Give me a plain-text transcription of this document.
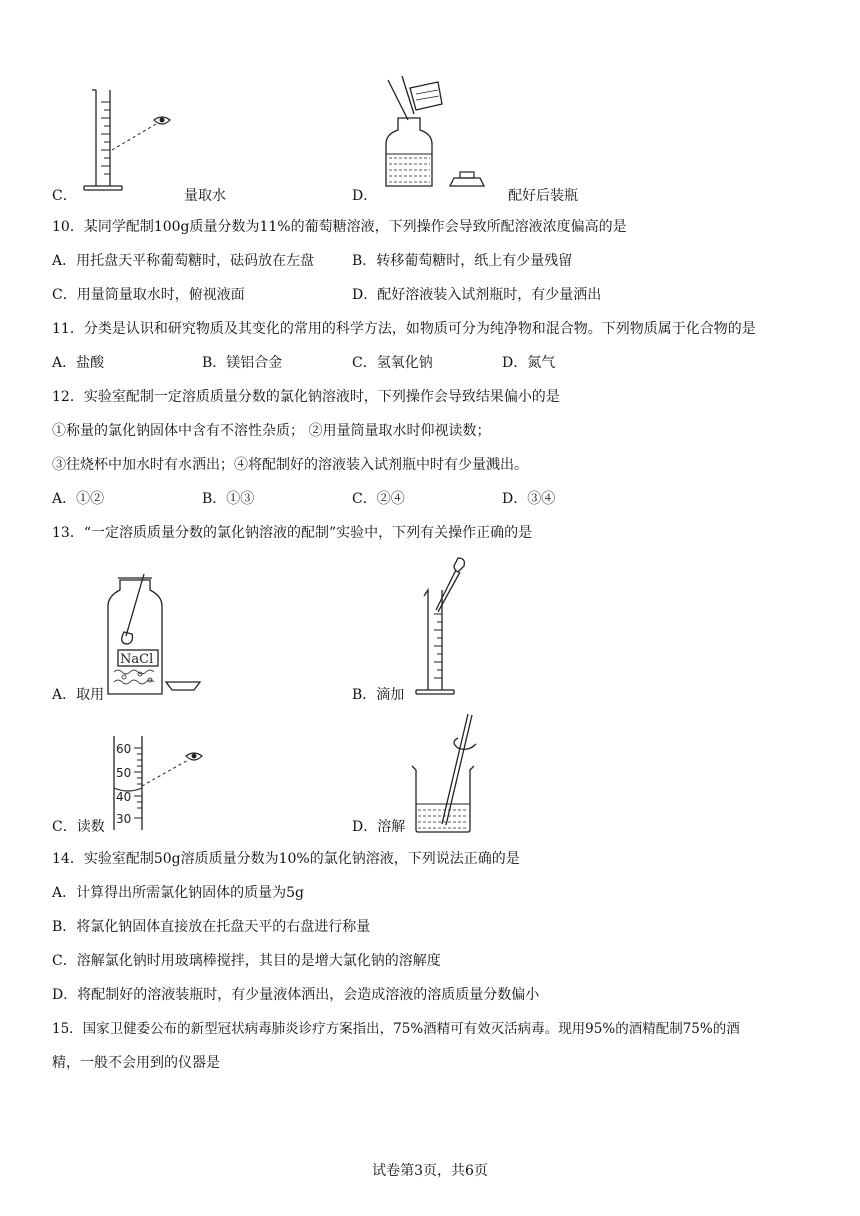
C．	量取水	D．	配好后装瓶
10．某同学配制100g质量分数为11%的葡萄糖溶液，下列操作会导致所配溶液浓度偏高的是
A．用托盘天平称葡萄糖时，砝码放在左盘	B．转移葡萄糖时，纸上有少量残留
C．用量筒量取水时，俯视液面	D．配好溶液装入试剂瓶时，有少量洒出
11．分类是认识和研究物质及其变化的常用的科学方法，如物质可分为纯净物和混合物。下列物质属于化合物的是
A．盐酸	B．镁铝合金	C．氢氧化钠	D．氮气
12．实验室配制一定溶质质量分数的氯化钠溶液时，下列操作会导致结果偏小的是
①称量的氯化钠固体中含有不溶性杂质； ②用量筒量取水时仰视读数；
③往烧杯中加水时有水洒出；④将配制好的溶液装入试剂瓶中时有少量溅出。
A．①②	B．①③	C．②④	D．③④
13．“一定溶质质量分数的氯化钠溶液的配制”实验中，下列有关操作正确的是
NaCl
A．取用	B．滴加
60
50
40
30
C．读数	D．溶解
14．实验室配制50g溶质质量分数为10%的氯化钠溶液，下列说法正确的是
A．计算得出所需氯化钠固体的质量为5g
B．将氯化钠固体直接放在托盘天平的右盘进行称量
C．溶解氯化钠时用玻璃棒搅拌，其目的是增大氯化钠的溶解度
D．将配制好的溶液装瓶时，有少量液体洒出，会造成溶液的溶质质量分数偏小
15．国家卫健委公布的新型冠状病毒肺炎诊疗方案指出，75%酒精可有效灭活病毒。现用95%的酒精配制75%的酒
精，一般不会用到的仪器是
试卷第3页，共6页
